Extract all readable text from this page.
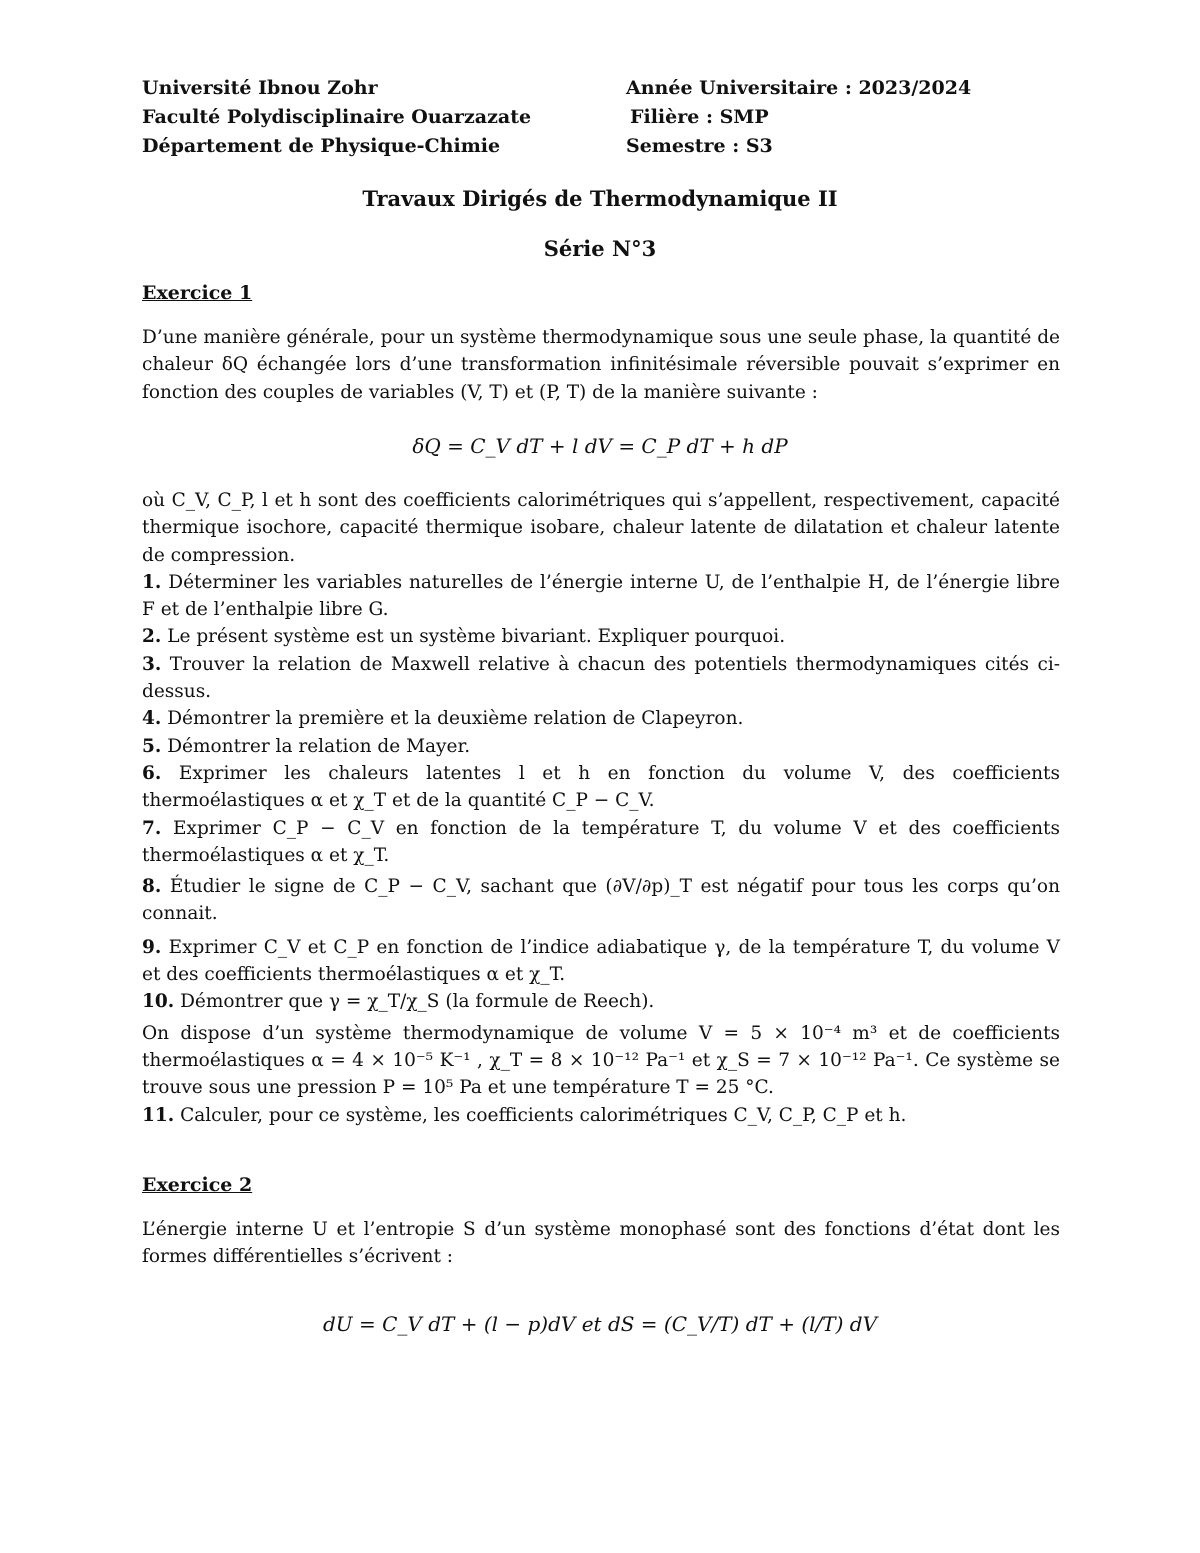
Université Ibnou Zohr
Faculté Polydisciplinaire Ouarzazate
Département de Physique-Chimie
Année Universitaire : 2023/2024
Filière : SMP
Semestre : S3
Travaux Dirigés de Thermodynamique II
Série N°3
Exercice 1
D’une manière générale, pour un système thermodynamique sous une seule phase, la quantité de chaleur δQ échangée lors d’une transformation infinitésimale réversible pouvait s’exprimer en fonction des couples de variables (V, T) et (P, T) de la manière suivante :
δQ = C_V dT + l dV = C_P dT + h dP

où C_V, C_P, l et h sont des coefficients calorimétriques qui s’appellent, respectivement, capacité thermique isochore, capacité thermique isobare, chaleur latente de dilatation et chaleur latente de compression.

1. Déterminer les variables naturelles de l’énergie interne U, de l’enthalpie H, de l’énergie libre F et de l’enthalpie libre G.

2. Le présent système est un système bivariant. Expliquer pourquoi.

3. Trouver la relation de Maxwell relative à chacun des potentiels thermodynamiques cités ci-dessus.

4. Démontrer la première et la deuxième relation de Clapeyron.

5. Démontrer la relation de Mayer.

6. Exprimer les chaleurs latentes l et h en fonction du volume V, des coefficients thermoélastiques α et χ_T et de la quantité C_P − C_V.

7. Exprimer C_P − C_V en fonction de la température T, du volume V et des coefficients thermoélastiques α et χ_T.

8. Étudier le signe de C_P − C_V, sachant que (∂V/∂p)_T est négatif pour tous les corps qu’on connait.

9. Exprimer C_V et C_P en fonction de l’indice adiabatique γ, de la température T, du volume V et des coefficients thermoélastiques α et χ_T.

10. Démontrer que γ = χ_T/χ_S (la formule de Reech).

On dispose d’un système thermodynamique de volume V = 5 × 10⁻⁴ m³ et de coefficients thermoélastiques α = 4 × 10⁻⁵ K⁻¹ , χ_T = 8 × 10⁻¹² Pa⁻¹ et χ_S = 7 × 10⁻¹² Pa⁻¹. Ce système se trouve sous une pression P = 10⁵ Pa et une température T = 25 °C.

11. Calculer, pour ce système, les coefficients calorimétriques C_V, C_P, C_P et h.

Exercice 2
L’énergie interne U et l’entropie S d’un système monophasé sont des fonctions d’état dont les formes différentielles s’écrivent :
dU = C_V dT + (l − p)dV et dS = (C_V/T) dT + (l/T) dV
